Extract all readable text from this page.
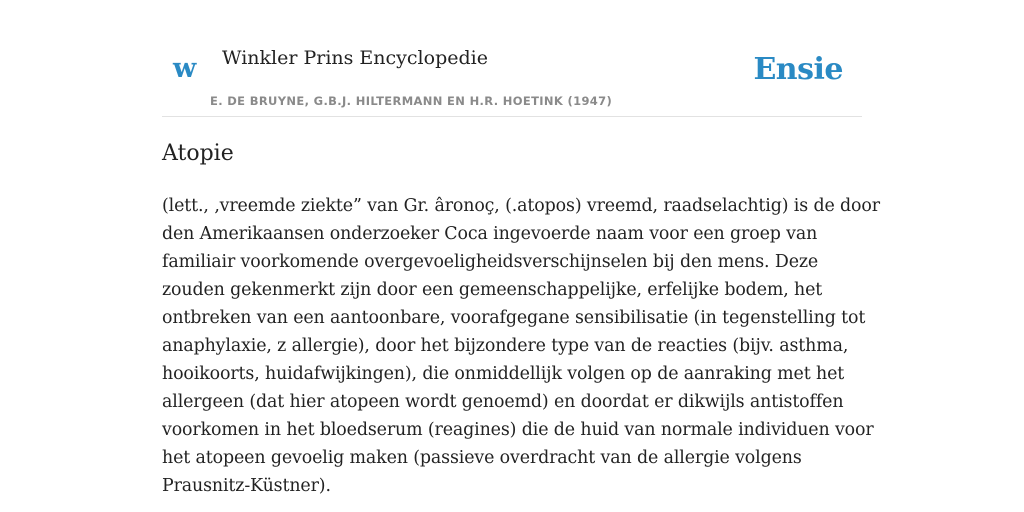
w Winkler Prins Encyclopedie
E. DE BRUYNE, G.B.J. HILTERMANN EN H.R. HOETINK (1947)
Ensie
Atopie

(lett., ‚vreemde ziekte” van Gr. âronoç, (.atopos) vreemd, raadselachtig) is de door
den Amerikaansen onderzoeker Coca ingevoerde naam voor een groep van
familiair voorkomende overgevoeligheidsverschijnselen bij den mens. Deze
zouden gekenmerkt zijn door een gemeenschappelijke, erfelijke bodem, het
ontbreken van een aantoonbare, voorafgegane sensibilisatie (in tegenstelling tot
anaphylaxie, z allergie), door het bijzondere type van de reacties (bijv. asthma,
hooikoorts, huidafwijkingen), die onmiddellijk volgen op de aanraking met het
allergeen (dat hier atopeen wordt genoemd) en doordat er dikwijls antistoffen
voorkomen in het bloedserum (reagines) die de huid van normale individuen voor
het atopeen gevoelig maken (passieve overdracht van de allergie volgens
Prausnitz-Küstner).
